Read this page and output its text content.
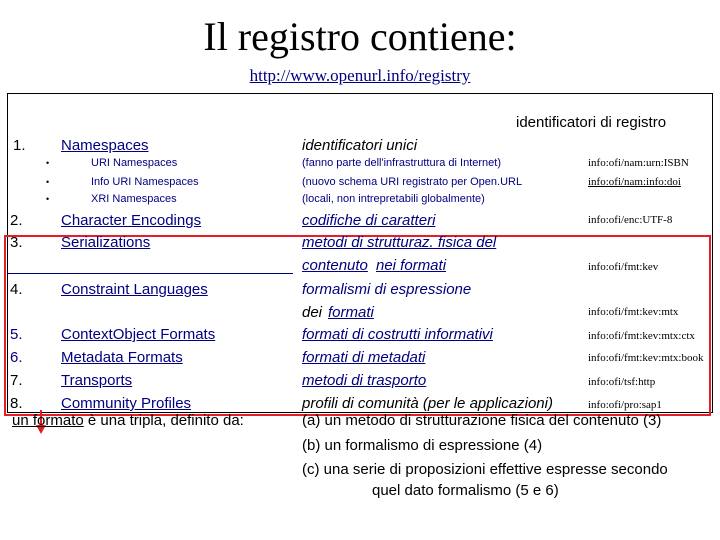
Il registro contiene:
http://www.openurl.info/registry
identificatori di registro
1. Namespaces	identificatori unici
•	URI Namespaces	(fanno parte dell'infrastruttura di Internet)	info:ofi/nam:urn:ISBN
•	Info URI Namespaces	(nuovo schema URI registrato per Open.URL	info:ofi/nam:info:doi
•	XRI Namespaces	(locali, non intrepretabili globalmente)
2.	Character Encodings	codifiche di caratteri	info:ofi/enc:UTF-8
3.	Serializations	metodi di strutturaz. fisica del
contenuto nei formati	info:ofi/fmt:kev
4.	Constraint Languages	formalismi di espressione
dei formati	info:ofi/fmt:kev:mtx
5.	ContextObject Formats	formati di costrutti informativi	info:ofi/fmt:kev:mtx:ctx
6.	Metadata Formats	formati di metadati	info:ofi/fmt:kev:mtx:book
7.	Transports	metodi di trasporto	info:ofi/tsf:http
8.	Community Profiles	profili di comunità (per le applicazioni)	info:ofi/pro:sap1
un formato è una tripla, definito da:	(a) un metodo di strutturazione fisica del contenuto (3)
(b) un formalismo di espressione (4)
(c) una serie di proposizioni effettive espresse secondo
quel dato formalismo (5 e 6)
